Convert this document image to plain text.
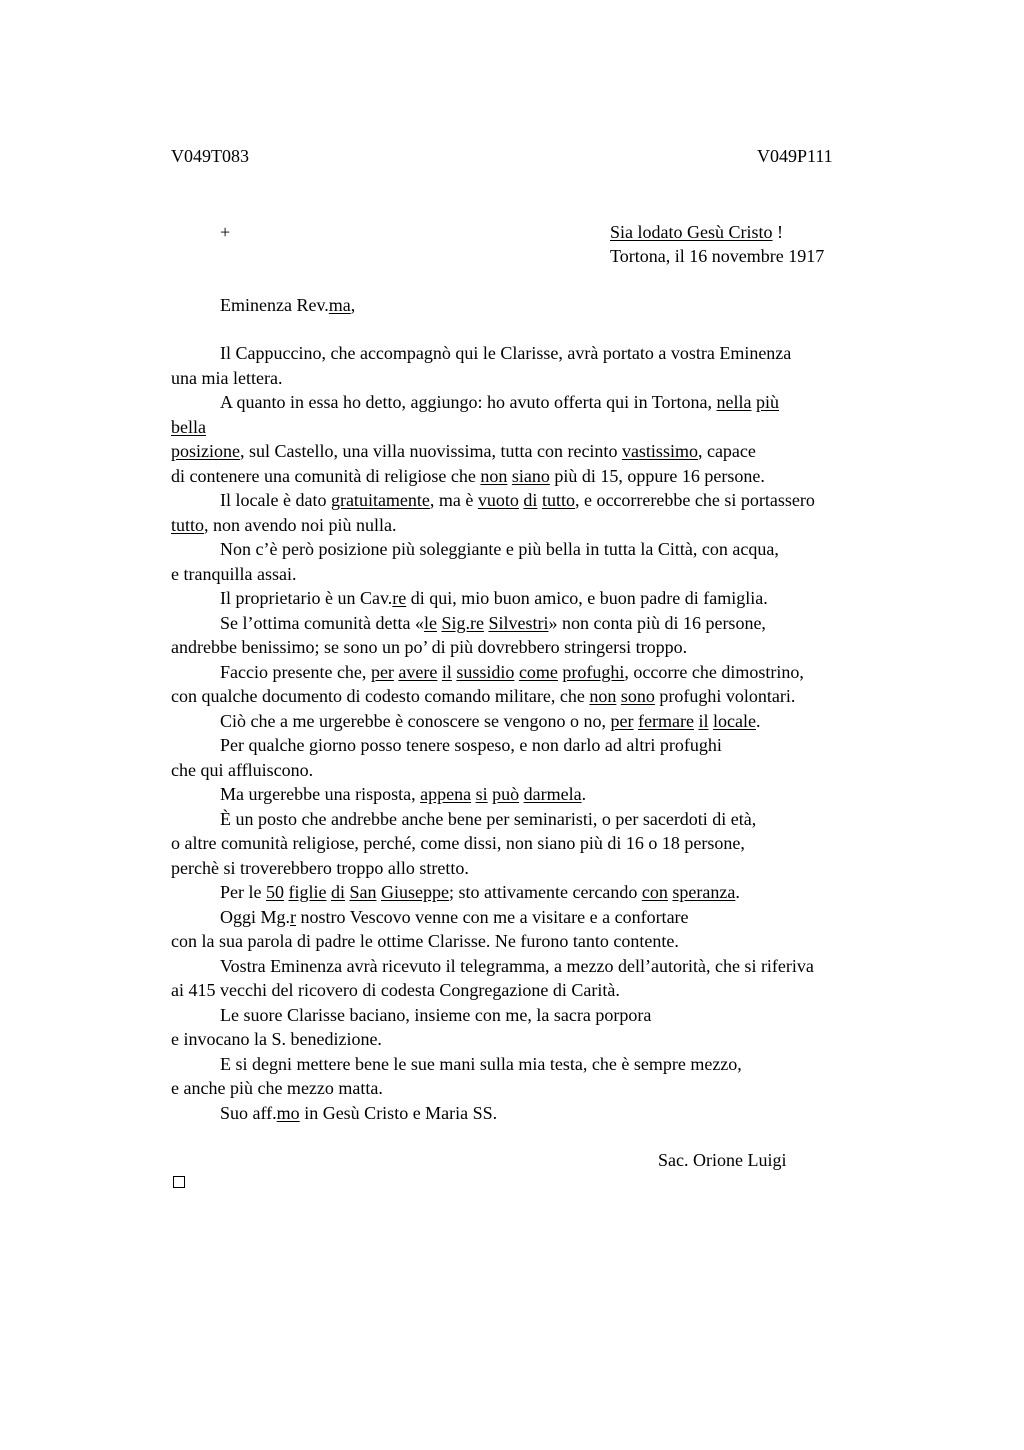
V049T083	V049P111
+	Sia lodato Gesù Cristo !
Tortona, il 16 novembre 1917
Eminenza Rev.ma,
Il Cappuccino, che accompagnò qui le Clarisse, avrà portato a vostra Eminenza
una mia lettera.
A quanto in essa ho detto, aggiungo: ho avuto offerta qui in Tortona, nella più
bella
posizione, sul Castello, una villa nuovissima, tutta con recinto vastissimo, capace
di contenere una comunità di religiose che non siano più di 15, oppure 16 persone.
Il locale è dato gratuitamente, ma è vuoto di tutto, e occorrerebbe che si portassero
tutto, non avendo noi più nulla.
Non c’è però posizione più soleggiante e più bella in tutta la Città, con acqua,
e tranquilla assai.
Il proprietario è un Cav.re di qui, mio buon amico, e buon padre di famiglia.
Se l’ottima comunità detta «le Sig.re Silvestri» non conta più di 16 persone,
andrebbe benissimo; se sono un po’ di più dovrebbero stringersi troppo.
Faccio presente che, per avere il sussidio come profughi, occorre che dimostrino,
con qualche documento di codesto comando militare, che non sono profughi volontari.
Ciò che a me urgerebbe è conoscere se vengono o no, per fermare il locale.
Per qualche giorno posso tenere sospeso, e non darlo ad altri profughi
che qui affluiscono.
Ma urgerebbe una risposta, appena si può darmela.
È un posto che andrebbe anche bene per seminaristi, o per sacerdoti di età,
o altre comunità religiose, perché, come dissi, non siano più di 16 o 18 persone,
perchè si troverebbero troppo allo stretto.
Per le 50 figlie di San Giuseppe; sto attivamente cercando con speranza.
Oggi Mg.r nostro Vescovo venne con me a visitare e a confortare
con la sua parola di padre le ottime Clarisse. Ne furono tanto contente.
Vostra Eminenza avrà ricevuto il telegramma, a mezzo dell’autorità, che si riferiva
ai 415 vecchi del ricovero di codesta Congregazione di Carità.
Le suore Clarisse baciano, insieme con me, la sacra porpora
e invocano la S. benedizione.
E si degni mettere bene le sue mani sulla mia testa, che è sempre mezzo,
e anche più che mezzo matta.
Suo aff.mo in Gesù Cristo e Maria SS.
Sac. Orione Luigi
